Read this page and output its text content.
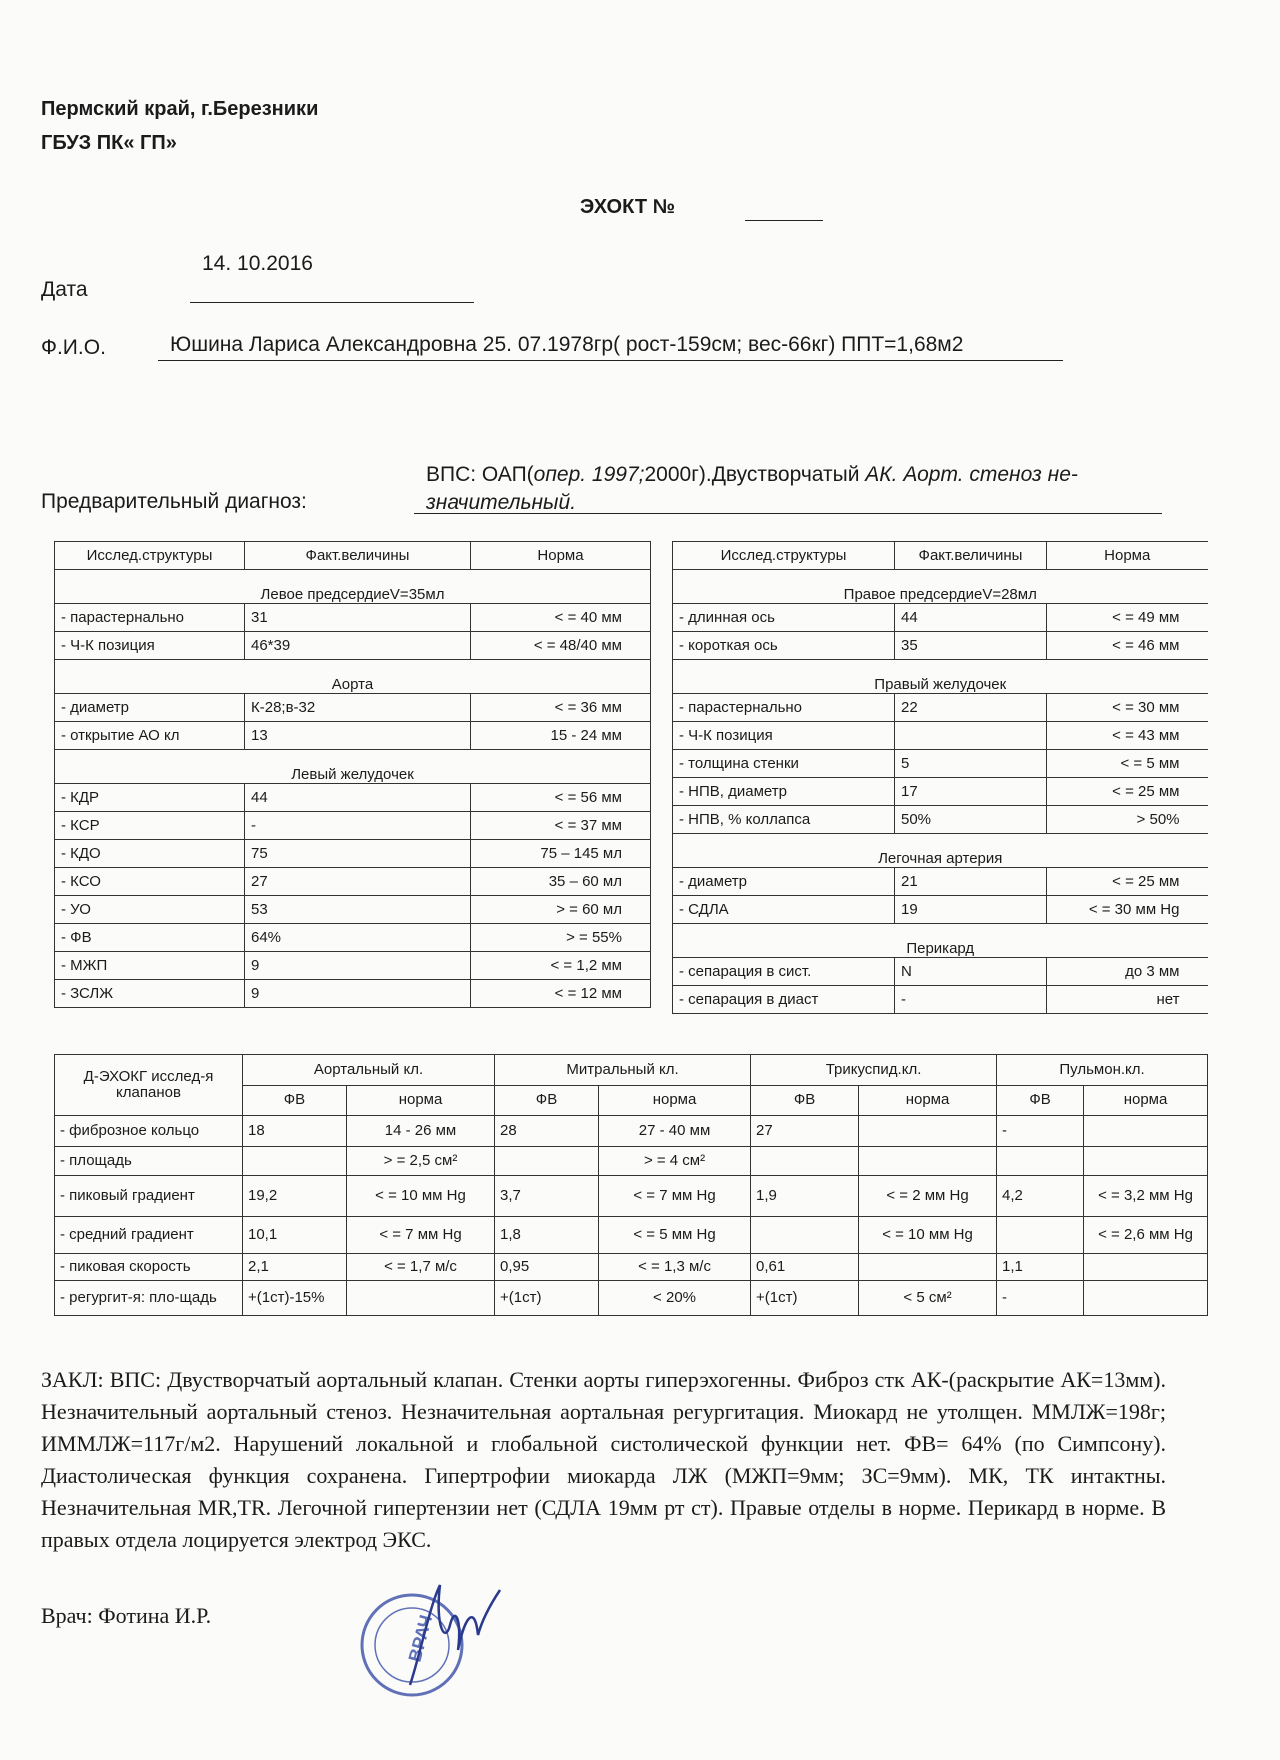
Пермский край, г.Березники
ГБУЗ ПК« ГП»
ЭХОКТ №
14. 10.2016
Дата
Ф.И.О.	Юшина Лариса Александровна 25. 07.1978гр( рост-159см; вес-66кг) ППТ=1,68м2
Предварительный диагноз:
ВПС: ОАП(опер. 1997;2000г).Двустворчатый АК. Аорт. стеноз не-значительный.
Исслед.структуры	Факт.величины	Норма
Левое предсердиеV=35мл		
- парастернально	31	< = 40 мм
- Ч-К позиция	46*39	< = 48/40 мм
Аорта		
- диаметр	К-28;в-32	< = 36 мм
- открытие АО кл	13	15 - 24 мм
Левый желудочек		
- КДР	44	< = 56 мм
- КСР	-	< = 37 мм
- КДО	75	75 – 145 мл
- КСО	27	35 – 60 мл
- УО	53	> = 60 мл
- ФВ	64%	> = 55%
- МЖП	9	< = 1,2 мм
- ЗСЛЖ	9	< = 12 мм
Исслед.структуры	Факт.величины	Норма
Правое предсердиеV=28мл		
- длинная ось	44	< = 49 мм
- короткая ось	35	< = 46 мм
Правый желудочек		
- парастернально	22	< = 30 мм
- Ч-К позиция		< = 43 мм
- толщина стенки	5	< = 5 мм
- НПВ, диаметр	17	< = 25 мм
- НПВ, % коллапса	50%	> 50%
Легочная артерия		
- диаметр	21	< = 25 мм
- СДЛА	19	< = 30 мм Hg
Перикард		
- сепарация в сист.	N	до 3 мм
- сепарация в диаст	-	нет
Д-ЭХОКГ исслед-я клапанов	Аортальный кл.		Митральный кл.		Трикуспид.кл.		Пульмон.кл.	
	ФВ	норма	ФВ	норма	ФВ	норма	ФВ	норма
- фиброзное кольцо	18	14 - 26 мм	28	27 - 40 мм	27		-	
- площадь		> = 2,5 см²		> = 4 см²				
- пиковый градиент	19,2	< = 10 мм Hg	3,7	< = 7 мм Hg	1,9	< = 2 мм Hg	4,2	< = 3,2 мм Hg
- средний градиент	10,1	< = 7 мм Hg	1,8	< = 5 мм Hg		< = 10 мм Hg		< = 2,6 мм Hg
- пиковая скорость	2,1	< = 1,7 м/с	0,95	< = 1,3 м/с	0,61		1,1	
- регургит-я: пло-щадь	+(1ст)-15%		+(1ст)	< 20%	+(1ст)	< 5 см²	-	
ЗАКЛ: ВПС: Двустворчатый аортальный клапан. Стенки аорты гиперэхогенны. Фиброз стк АК-(раскрытие АК=13мм). Незначительный аортальный стеноз. Незначительная аортальная регургитация. Миокард не утолщен. ММЛЖ=198г; ИММЛЖ=117г/м2. Нарушений локальной и глобальной систолической функции нет. ФВ= 64% (по Симпсону). Диастолическая функция сохранена. Гипертрофии миокарда ЛЖ (МЖП=9мм; ЗС=9мм). МК, ТК интактны. Незначительная MR,TR. Легочной гипертензии нет (СДЛА 19мм рт ст). Правые отделы в норме. Перикард в норме. В правых отдела лоцируется электрод ЭКС.
Врач: Фотина И.Р.	ВРАЧ
